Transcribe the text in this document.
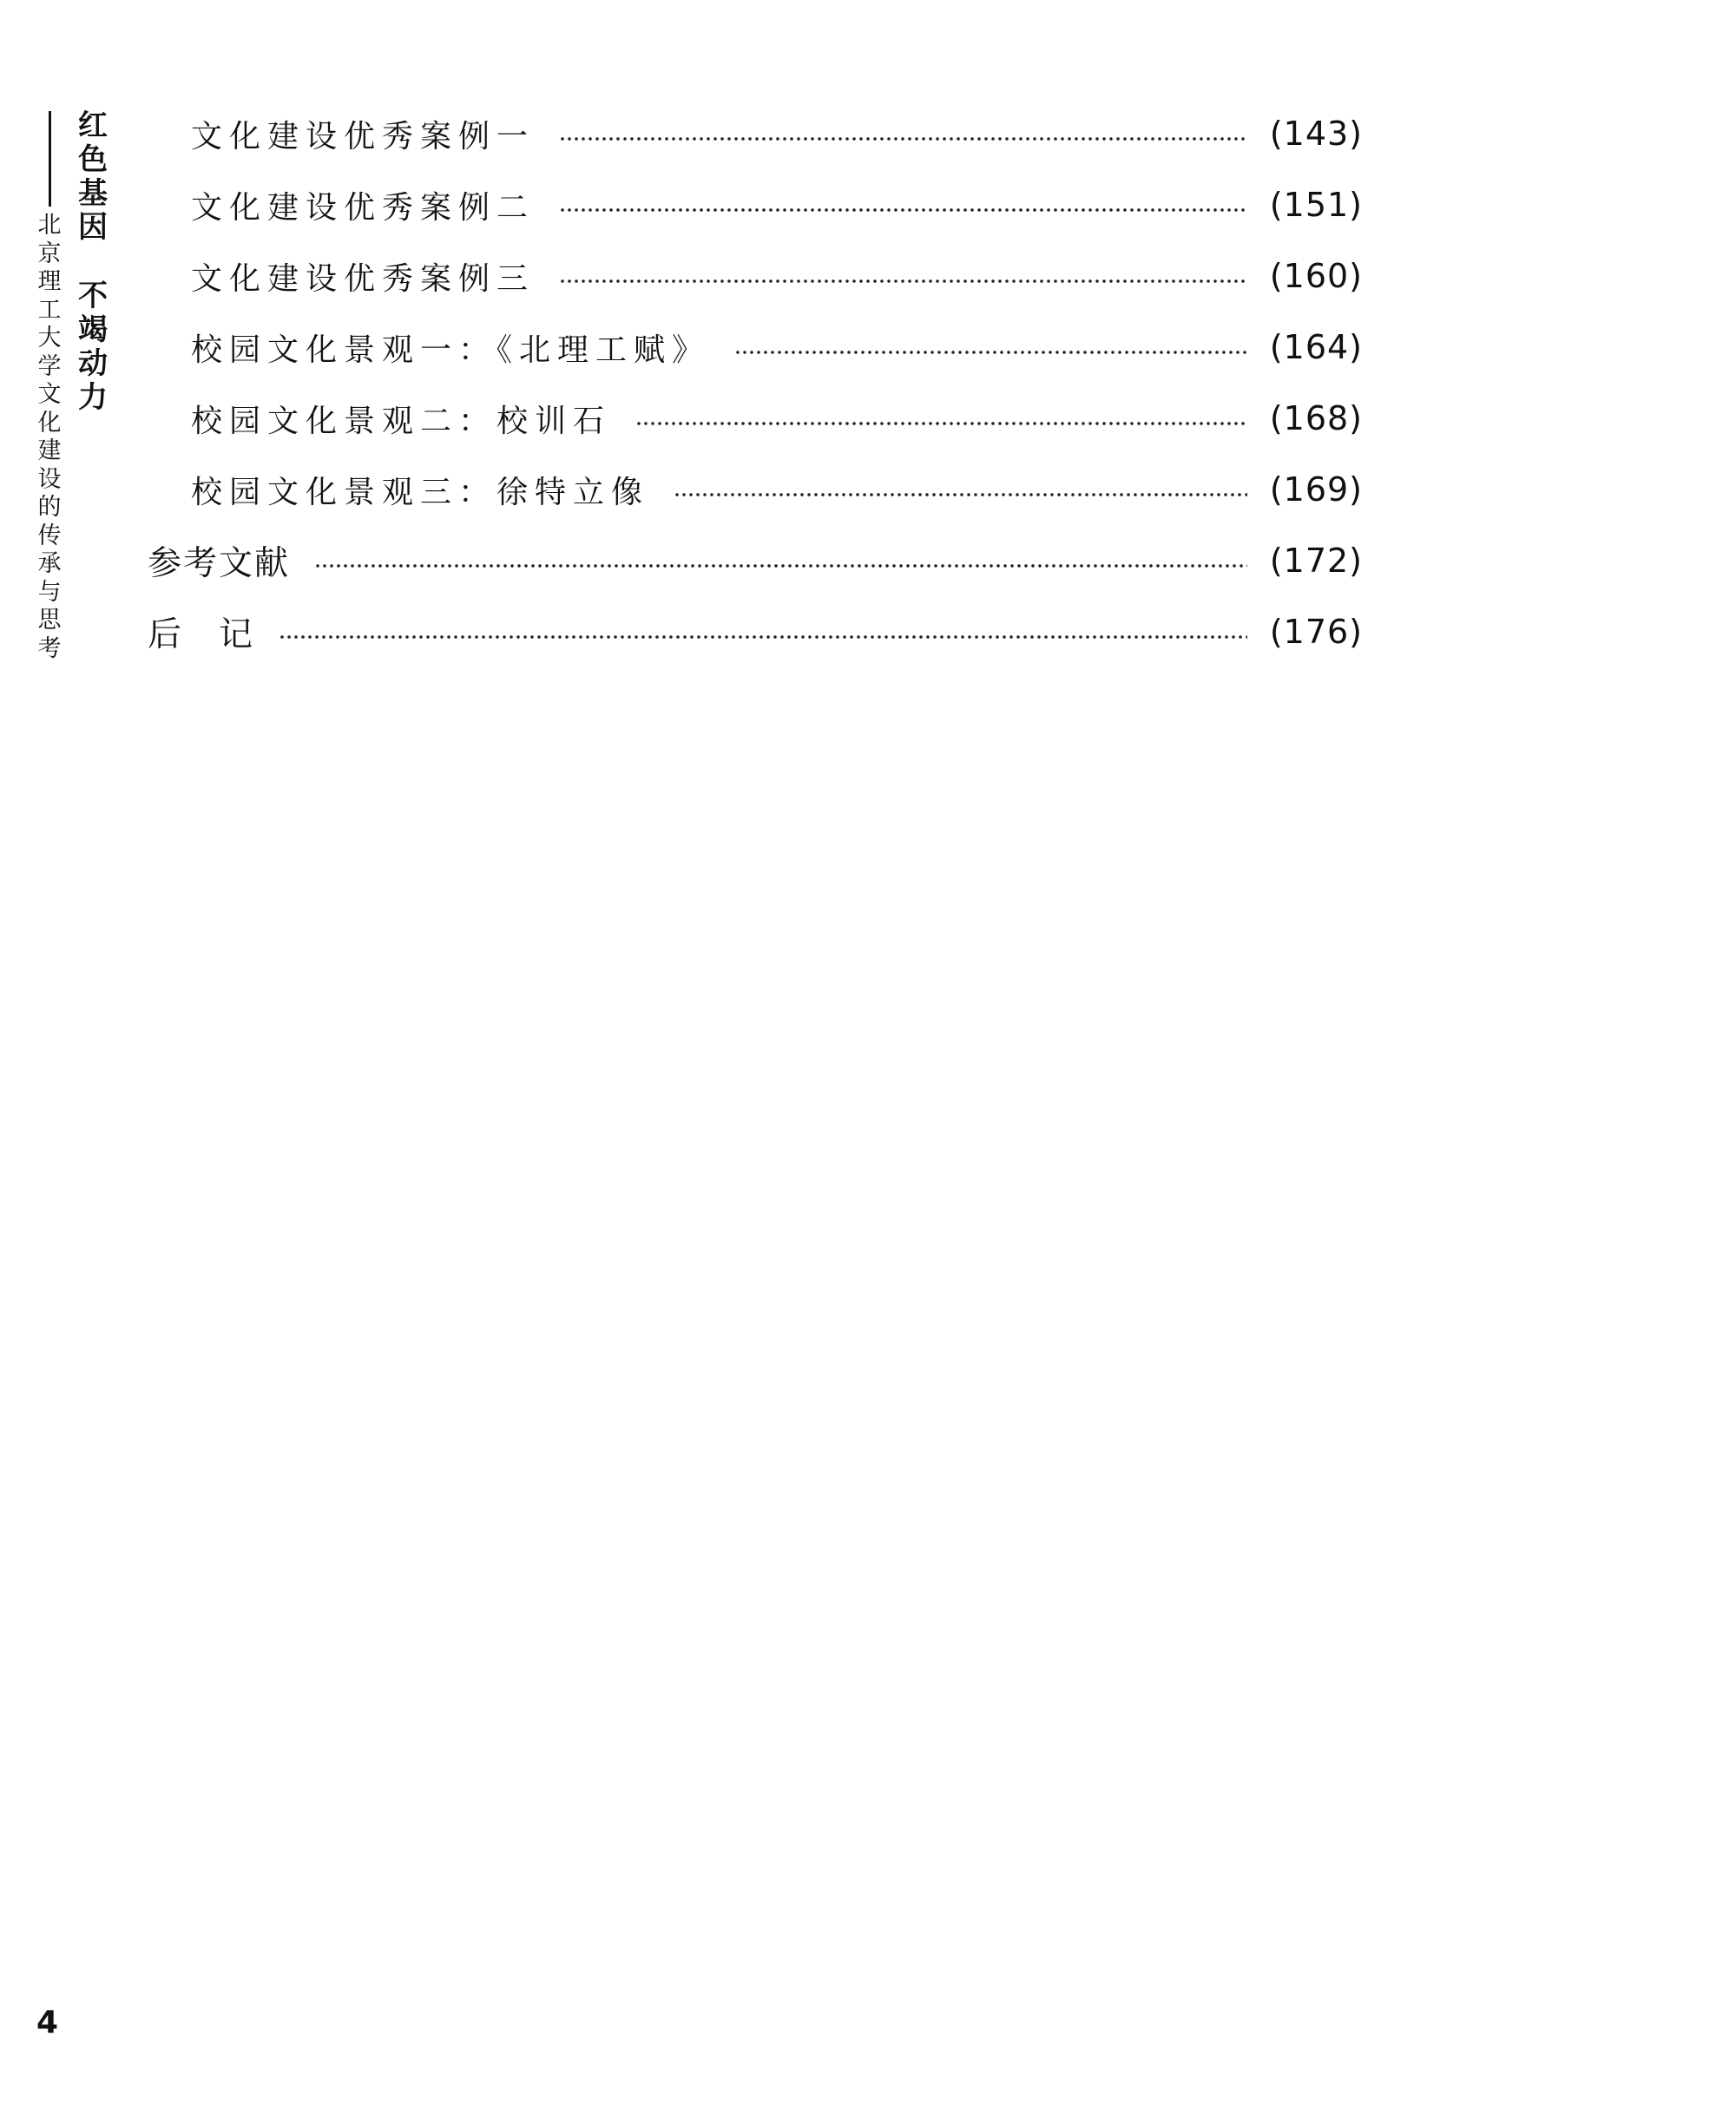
红
色
基
因
不
竭
动
力
北
京
理
工
大
学
文
化
建
设
的
传
承
与
思
考
文化建设优秀案例一	(143)
文化建设优秀案例二	(151)
文化建设优秀案例三	(160)
校园文化景观一：《北理工赋》	(164)
校园文化景观二：校训石	(168)
校园文化景观三：徐特立像	(169)
参考文献	(172)
后　记	(176)
4
